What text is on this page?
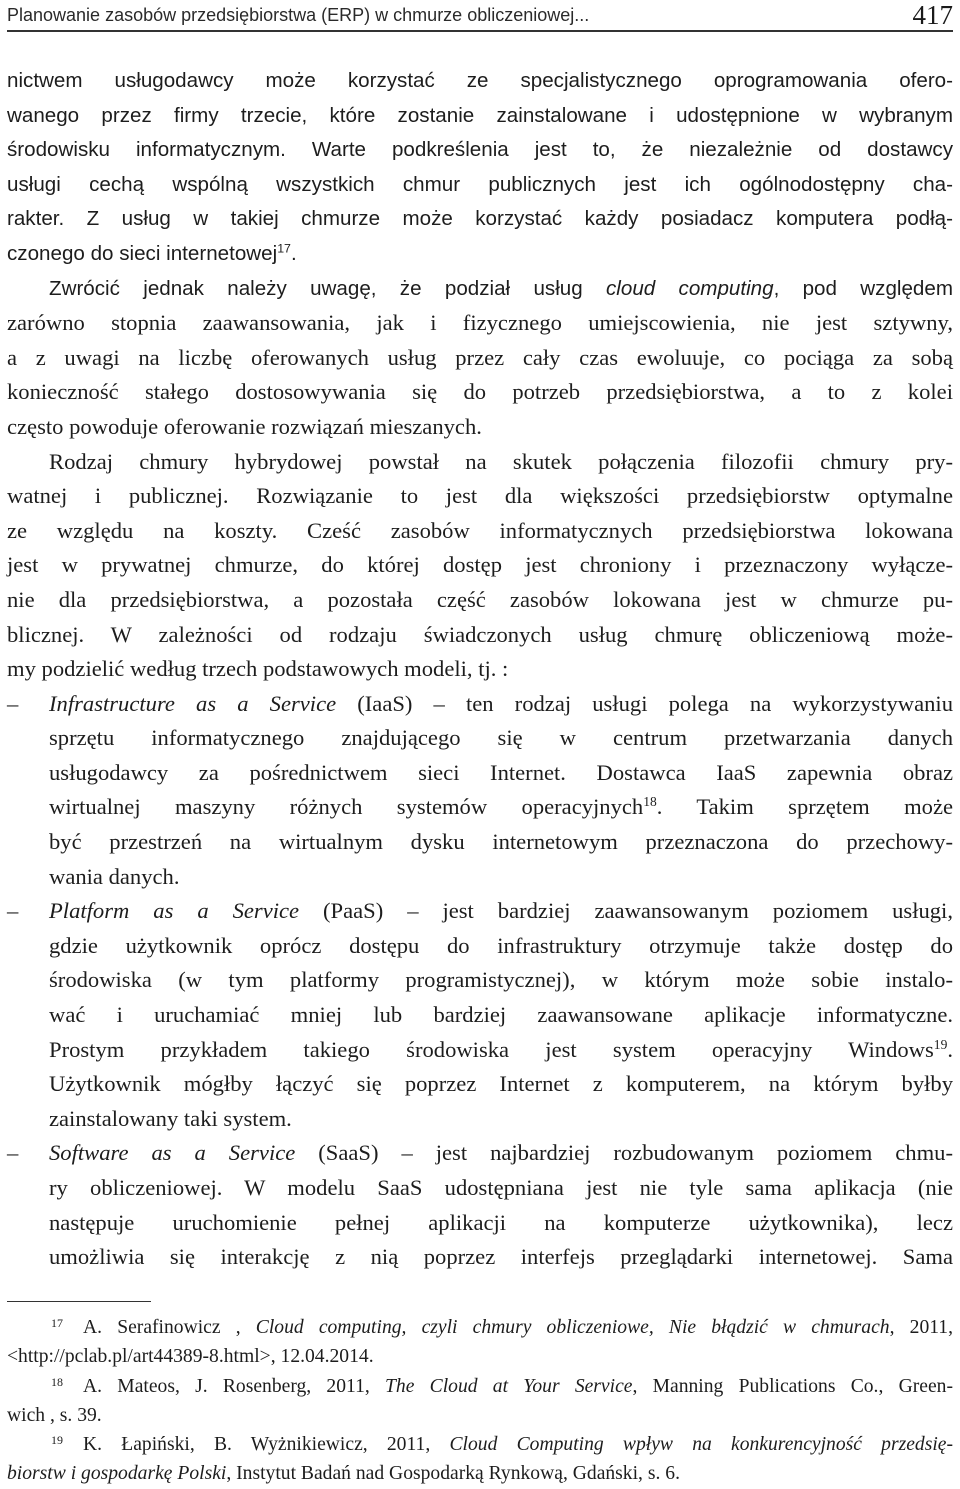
Planowanie zasobów przedsiębiorstwa (ERP) w chmurze obliczeniowej...	417
nictwem usługodawcy może korzystać ze specjalistycznego oprogramowania ofero-
wanego przez firmy trzecie, które zostanie zainstalowane i udostępnione w wybranym
środowisku informatycznym. Warte podkreślenia jest to, że niezależnie od dostawcy
usługi cechą wspólną wszystkich chmur publicznych jest ich ogólnodostępny cha-
rakter. Z usług w takiej chmurze może korzystać każdy posiadacz komputera podłą-
czonego do sieci internetowej$^{17}$.
Zwrócić jednak należy uwagę, że podział usług cloud computing, pod względem
zarówno stopnia zaawansowania, jak i fizycznego umiejscowienia, nie jest sztywny,
a z uwagi na liczbę oferowanych usług przez cały czas ewoluuje, co pociąga za sobą
konieczność stałego dostosowywania się do potrzeb przedsiębiorstwa, a to z kolei
często powoduje oferowanie rozwiązań mieszanych.
Rodzaj chmury hybrydowej powstał na skutek połączenia filozofii chmury pry-
watnej i publicznej. Rozwiązanie to jest dla większości przedsiębiorstw optymalne
ze względu na koszty. Cześć zasobów informatycznych przedsiębiorstwa lokowana
jest w prywatnej chmurze, do której dostęp jest chroniony i przeznaczony wyłącze-
nie dla przedsiębiorstwa, a pozostała część zasobów lokowana jest w chmurze pu-
blicznej. W zależności od rodzaju świadczonych usług chmurę obliczeniową może-
my podzielić według trzech podstawowych modeli, tj. :
–	Infrastructure as a Service (IaaS) – ten rodzaj usługi polega na wykorzystywaniu
sprzętu informatycznego znajdującego się w centrum przetwarzania danych
usługodawcy za pośrednictwem sieci Internet. Dostawca IaaS zapewnia obraz
wirtualnej maszyny różnych systemów operacyjnych$^{18}$. Takim sprzętem może
być przestrzeń na wirtualnym dysku internetowym przeznaczona do przechowy-
wania danych.
–	Platform as a Service (PaaS) – jest bardziej zaawansowanym poziomem usługi,
gdzie użytkownik oprócz dostępu do infrastruktury otrzymuje także dostęp do
środowiska (w tym platformy programistycznej), w którym może sobie instalo-
wać i uruchamiać mniej lub bardziej zaawansowane aplikacje informatyczne.
Prostym przykładem takiego środowiska jest system operacyjny Windows$^{19}$.
Użytkownik mógłby łączyć się poprzez Internet z komputerem, na którym byłby
zainstalowany taki system.
–	Software as a Service (SaaS) – jest najbardziej rozbudowanym poziomem chmu-
ry obliczeniowej. W modelu SaaS udostępniana jest nie tyle sama aplikacja (nie
następuje uruchomienie pełnej aplikacji na komputerze użytkownika), lecz
umożliwia się interakcję z nią poprzez interfejs przeglądarki internetowej. Sama
17 A. Serafinowicz , Cloud computing, czyli chmury obliczeniowe, Nie błądzić w chmurach, 2011,
<http://pclab.pl/art44389-8.html>, 12.04.2014.
18 A. Mateos, J. Rosenberg, 2011, The Cloud at Your Service, Manning Publications Co., Green-
wich , s. 39.
19 K. Łapiński, B. Wyżnikiewicz, 2011, Cloud Computing wpływ na konkurencyjność przedsię-
biorstw i gospodarkę Polski, Instytut Badań nad Gospodarką Rynkową, Gdański, s. 6.
